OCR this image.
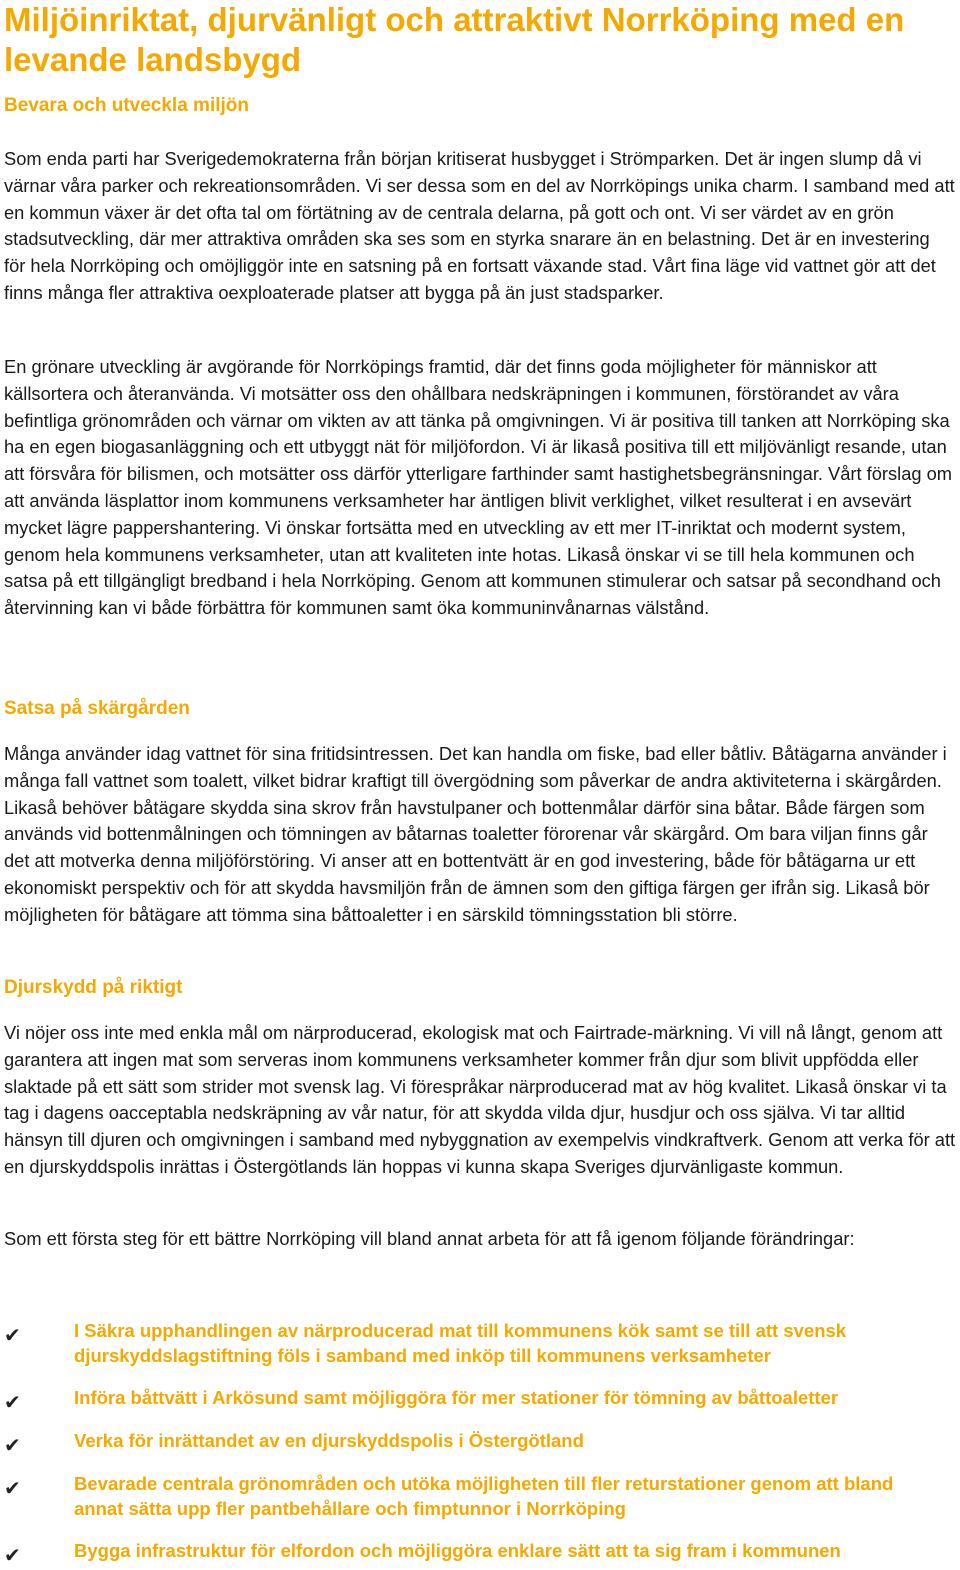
Miljöinriktat, djurvänligt och attraktivt Norrköping med en levande landsbygd
Bevara och utveckla miljön

Som enda parti har Sverigedemokraterna från början kritiserat husbygget i Strömparken. Det är ingen slump då vi värnar våra parker och rekreationsområden. Vi ser dessa som en del av Norrköpings unika charm. I samband med att en kommun växer är det ofta tal om förtätning av de centrala delarna, på gott och ont. Vi ser värdet av en grön stadsutveckling, där mer attraktiva områden ska ses som en styrka snarare än en belastning. Det är en investering för hela Norrköping och omöjliggör inte en satsning på en fortsatt växande stad. Vårt fina läge vid vattnet gör att det finns många fler attraktiva oexploaterade platser att bygga på än just stadsparker.

En grönare utveckling är avgörande för Norrköpings framtid, där det finns goda möjligheter för människor att källsortera och återanvända. Vi motsätter oss den ohållbara nedskräpningen i kommunen, förstörandet av våra befintliga grönområden och värnar om vikten av att tänka på omgivningen. Vi är positiva till tanken att Norrköping ska ha en egen biogasanläggning och ett utbyggt nät för miljöfordon. Vi är likaså positiva till ett miljövänligt resande, utan att försvåra för bilismen, och motsätter oss därför ytterligare farthinder samt hastighetsbegränsningar. Vårt förslag om att använda läsplattor inom kommunens verksamheter har äntligen blivit verklighet, vilket resulterat i en avsevärt mycket lägre pappershantering. Vi önskar fortsätta med en utveckling av ett mer IT-inriktat och modernt system, genom hela kommunens verksamheter, utan att kvaliteten inte hotas. Likaså önskar vi se till hela kommunen och satsa på ett tillgängligt bredband i hela Norrköping. Genom att kommunen stimulerar och satsar på secondhand och återvinning kan vi både förbättra för kommunen samt öka kommuninvånarnas välstånd.

Satsa på skärgården

Många använder idag vattnet för sina fritidsintressen. Det kan handla om fiske, bad eller båtliv. Båtägarna använder i många fall vattnet som toalett, vilket bidrar kraftigt till övergödning som påverkar de andra aktiviteterna i skärgården. Likaså behöver båtägare skydda sina skrov från havstulpaner och bottenmålar därför sina båtar. Både färgen som används vid bottenmålningen och tömningen av båtarnas toaletter förorenar vår skärgård. Om bara viljan finns går det att motverka denna miljöförstöring. Vi anser att en bottentvätt är en god investering, både för båtägarna ur ett ekonomiskt perspektiv och för att skydda havsmiljön från de ämnen som den giftiga färgen ger ifrån sig. Likaså bör möjligheten för båtägare att tömma sina båttoaletter i en särskild tömningsstation bli större.

Djurskydd på riktigt

Vi nöjer oss inte med enkla mål om närproducerad, ekologisk mat och Fairtrade-märkning. Vi vill nå långt, genom att garantera att ingen mat som serveras inom kommunens verksamheter kommer från djur som blivit uppfödda eller slaktade på ett sätt som strider mot svensk lag. Vi förespråkar närproducerad mat av hög kvalitet. Likaså önskar vi ta tag i dagens oacceptabla nedskräpning av vår natur, för att skydda vilda djur, husdjur och oss själva. Vi tar alltid hänsyn till djuren och omgivningen i samband med nybyggnation av exempelvis vindkraftverk. Genom att verka för att en djurskyddspolis inrättas i Östergötlands län hoppas vi kunna skapa Sveriges djurvänligaste kommun.

Som ett första steg för ett bättre Norrköping vill bland annat arbeta för att få igenom följande förändringar:

✔	I Säkra upphandlingen av närproducerad mat till kommunens kök samt se till att svensk djurskyddslagstiftning föls i samband med inköp till kommunens verksamheter
✔	Införa båttvätt i Arkösund samt möjliggöra för mer stationer för tömning av båttoaletter
✔	Verka för inrättandet av en djurskyddspolis i Östergötland
✔	Bevarade centrala grönområden och utöka möjligheten till fler returstationer genom att bland annat sätta upp fler pantbehållare och fimptunnor i Norrköping
✔	Bygga infrastruktur för elfordon och möjliggöra enklare sätt att ta sig fram i kommunen
